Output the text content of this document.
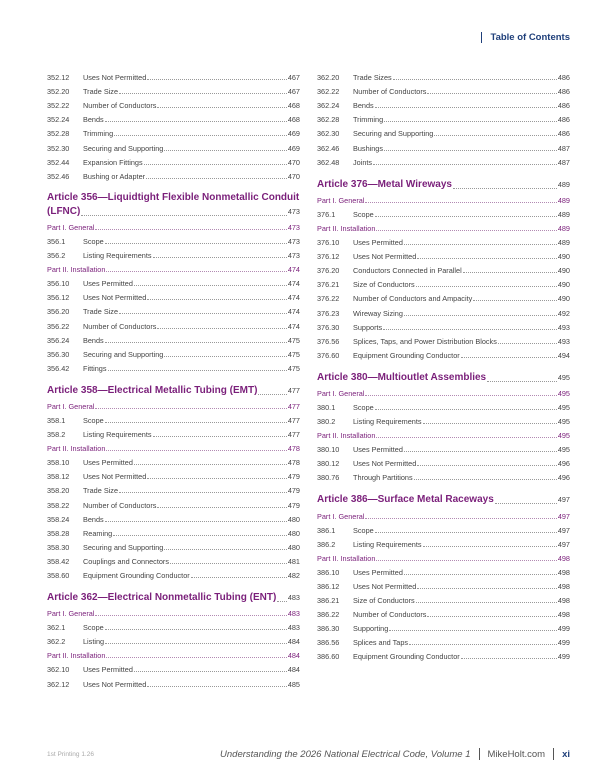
Table of Contents
352.12	Uses Not Permitted	467
352.20	Trade Size	467
352.22	Number of Conductors	468
352.24	Bends	468
352.28	Trimming	469
352.30	Securing and Supporting	469
352.44	Expansion Fittings	470
352.46	Bushing or Adapter	470
Article 356—Liquidtight Flexible Nonmetallic Conduit
(LFNC)	473
Part I. General	473
356.1	Scope	473
356.2	Listing Requirements	473
Part II. Installation	474
356.10	Uses Permitted	474
356.12	Uses Not Permitted	474
356.20	Trade Size	474
356.22	Number of Conductors	474
356.24	Bends	475
356.30	Securing and Supporting	475
356.42	Fittings	475
Article 358—Electrical Metallic Tubing (EMT)	477
Part I. General	477
358.1	Scope	477
358.2	Listing Requirements	477
Part II. Installation	478
358.10	Uses Permitted	478
358.12	Uses Not Permitted	479
358.20	Trade Size	479
358.22	Number of Conductors	479
358.24	Bends	480
358.28	Reaming	480
358.30	Securing and Supporting	480
358.42	Couplings and Connectors	481
358.60	Equipment Grounding Conductor	482
Article 362—Electrical Nonmetallic Tubing (ENT) 483
Part I. General	483
362.1	Scope	483
362.2	Listing	484
Part II. Installation	484
362.10	Uses Permitted	484
362.12	Uses Not Permitted	485
362.20	Trade Sizes	486
362.22	Number of Conductors	486
362.24	Bends	486
362.28	Trimming	486
362.30	Securing and Supporting	486
362.46	Bushings	487
362.48	Joints	487
Article 376—Metal Wireways	489
Part I. General	489
376.1	Scope	489
Part II. Installation	489
376.10	Uses Permitted	489
376.12	Uses Not Permitted	490
376.20	Conductors Connected in Parallel	490
376.21	Size of Conductors	490
376.22	Number of Conductors and Ampacity	490
376.23	Wireway Sizing	492
376.30	Supports	493
376.56	Splices, Taps, and Power Distribution Blocks	493
376.60	Equipment Grounding Conductor	494
Article 380—Multioutlet Assemblies	495
Part I. General	495
380.1	Scope	495
380.2	Listing Requirements	495
Part II. Installation	495
380.10	Uses Permitted	495
380.12	Uses Not Permitted	496
380.76	Through Partitions	496
Article 386—Surface Metal Raceways	497
Part I. General	497
386.1	Scope	497
386.2	Listing Requirements	497
Part II. Installation	498
386.10	Uses Permitted	498
386.12	Uses Not Permitted	498
386.21	Size of Conductors	498
386.22	Number of Conductors	498
386.30	Supporting	499
386.56	Splices and Taps	499
386.60	Equipment Grounding Conductor	499
1st Printing 1.26	Understanding the 2026 National Electrical Code, Volume 1 MikeHolt.com xi
